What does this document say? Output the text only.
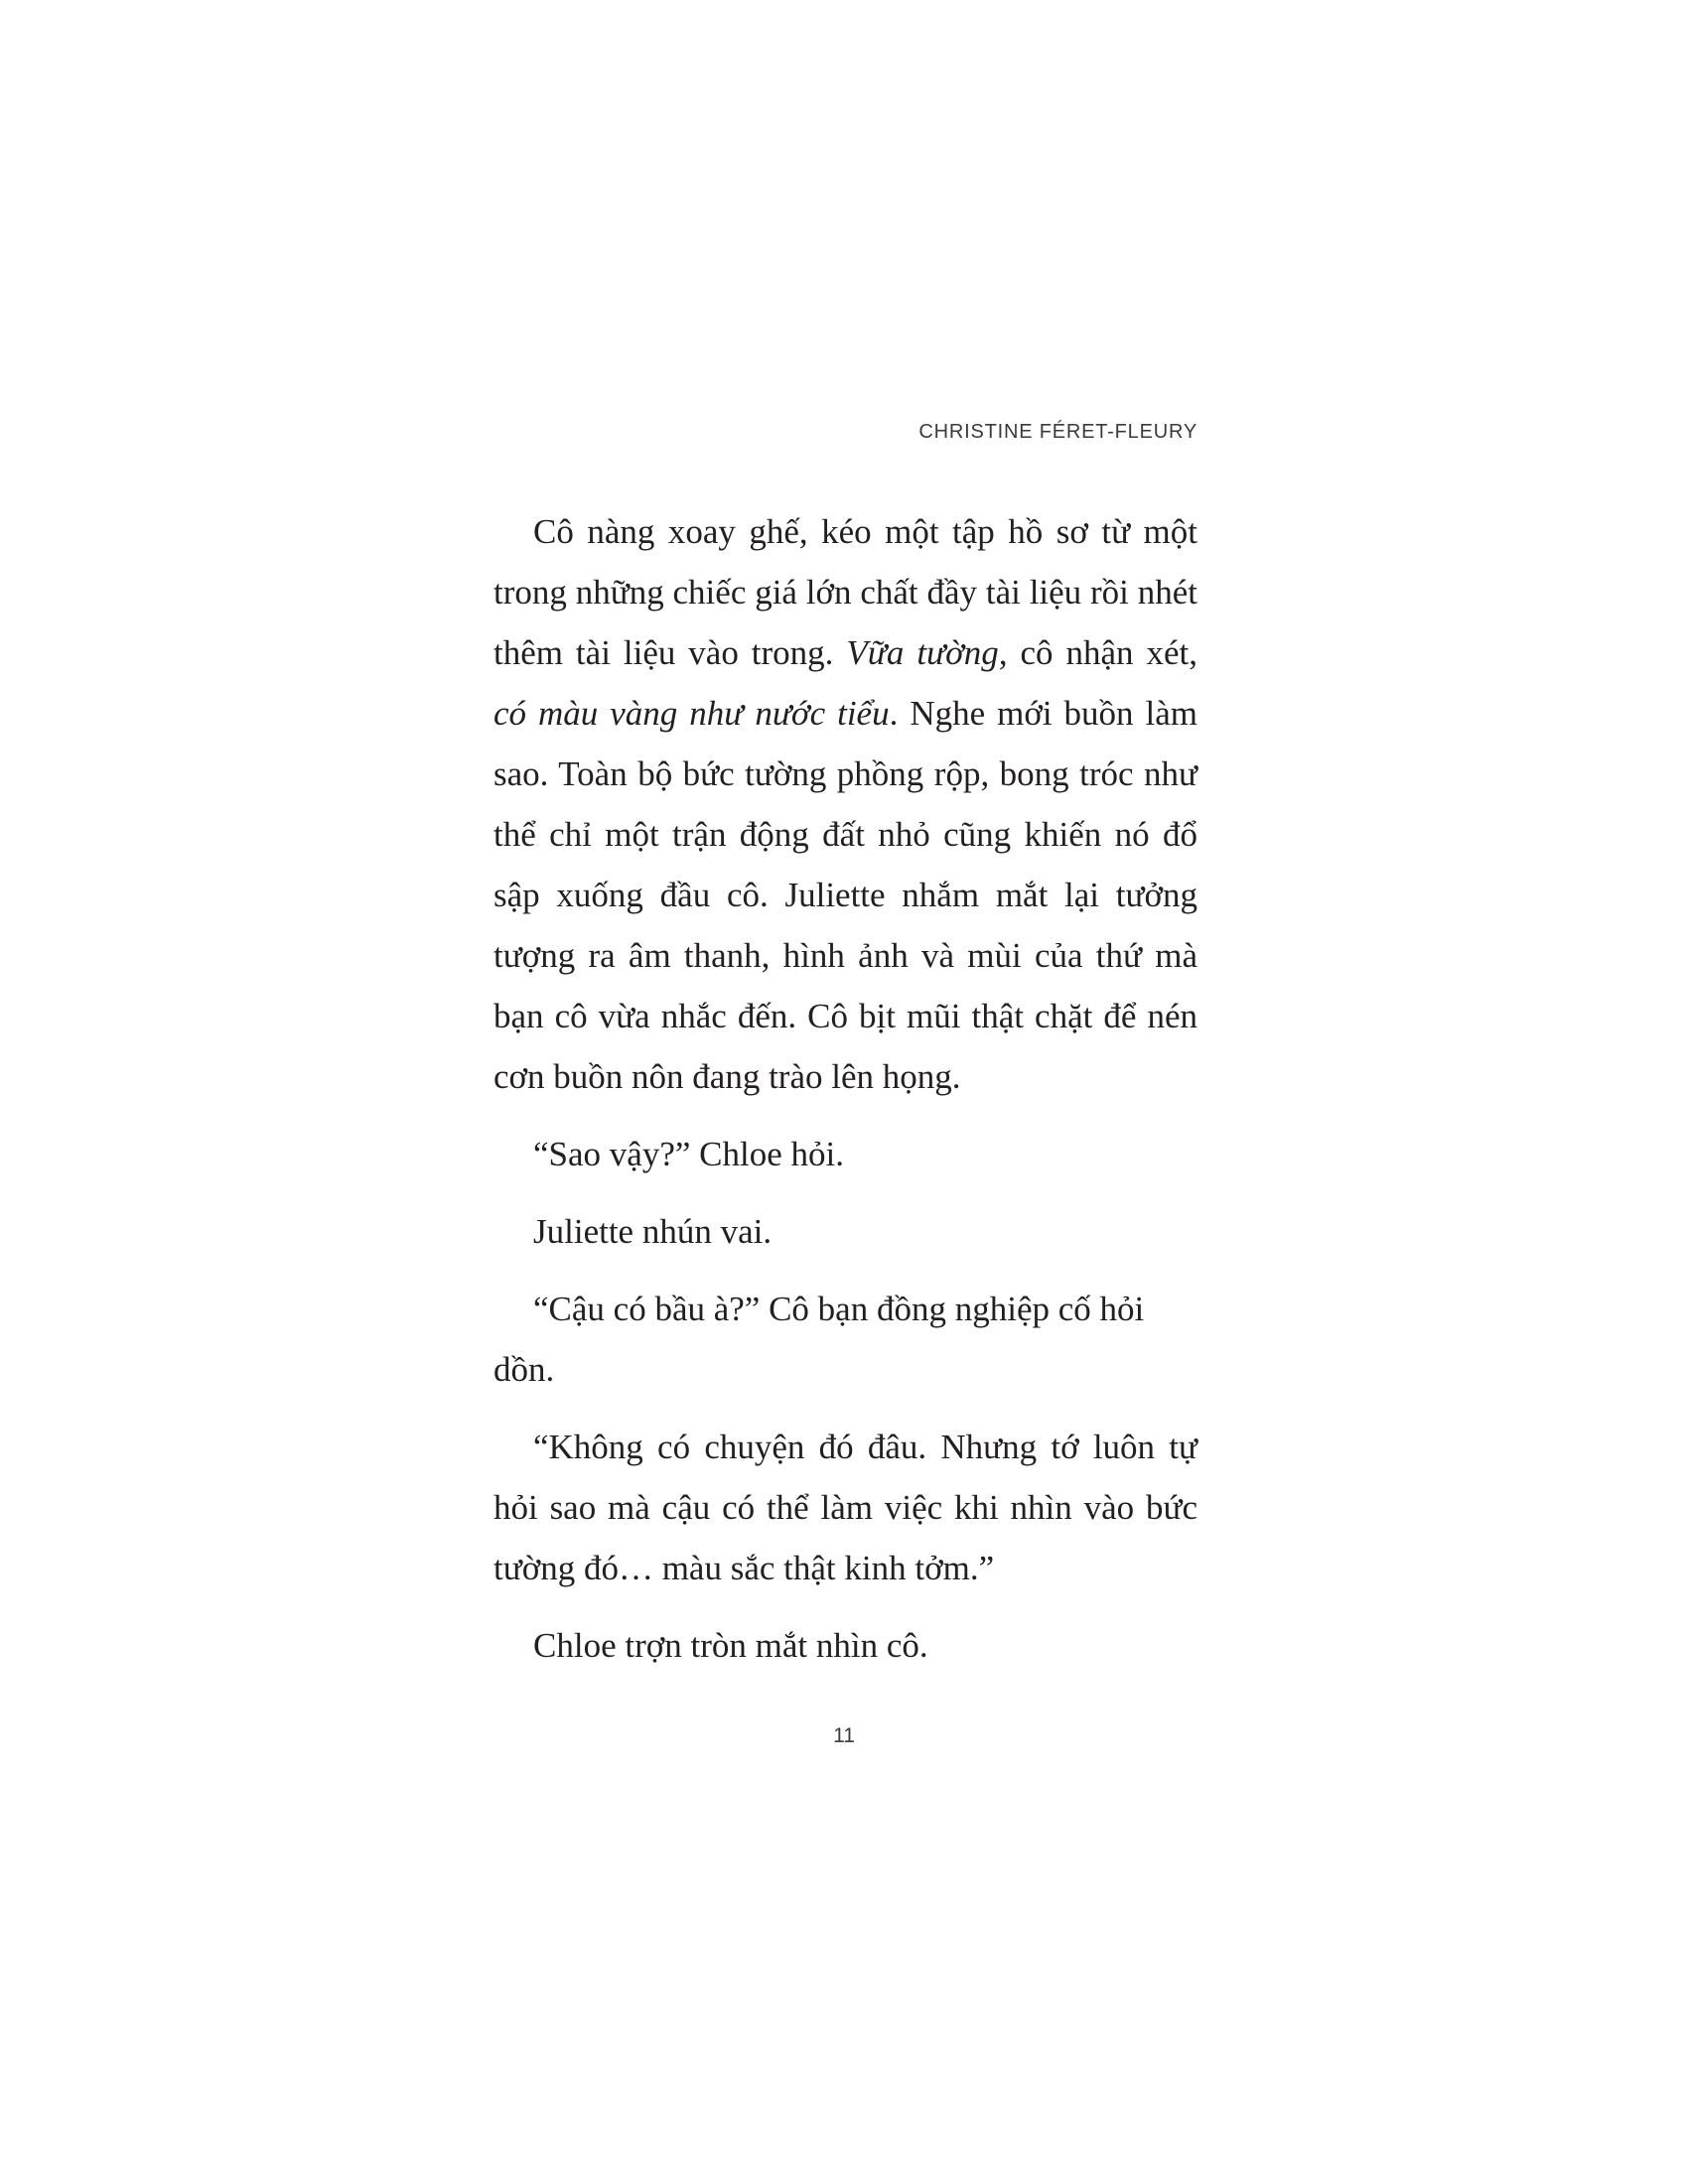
CHRISTINE FÉRET-FLEURY

Cô nàng xoay ghế, kéo một tập hồ sơ từ một trong những chiếc giá lớn chất đầy tài liệu rồi nhét thêm tài liệu vào trong. Vữa tường, cô nhận xét, có màu vàng như nước tiểu. Nghe mới buồn làm sao. Toàn bộ bức tường phồng rộp, bong tróc như thể chỉ một trận động đất nhỏ cũng khiến nó đổ sập xuống đầu cô. Juliette nhắm mắt lại tưởng tượng ra âm thanh, hình ảnh và mùi của thứ mà bạn cô vừa nhắc đến. Cô bịt mũi thật chặt để nén cơn buồn nôn đang trào lên họng.

“Sao vậy?” Chloe hỏi.

Juliette nhún vai.

“Cậu có bầu à?” Cô bạn đồng nghiệp cố hỏi dồn.

“Không có chuyện đó đâu. Nhưng tớ luôn tự hỏi sao mà cậu có thể làm việc khi nhìn vào bức tường đó… màu sắc thật kinh tởm.”

Chloe trợn tròn mắt nhìn cô.

11
